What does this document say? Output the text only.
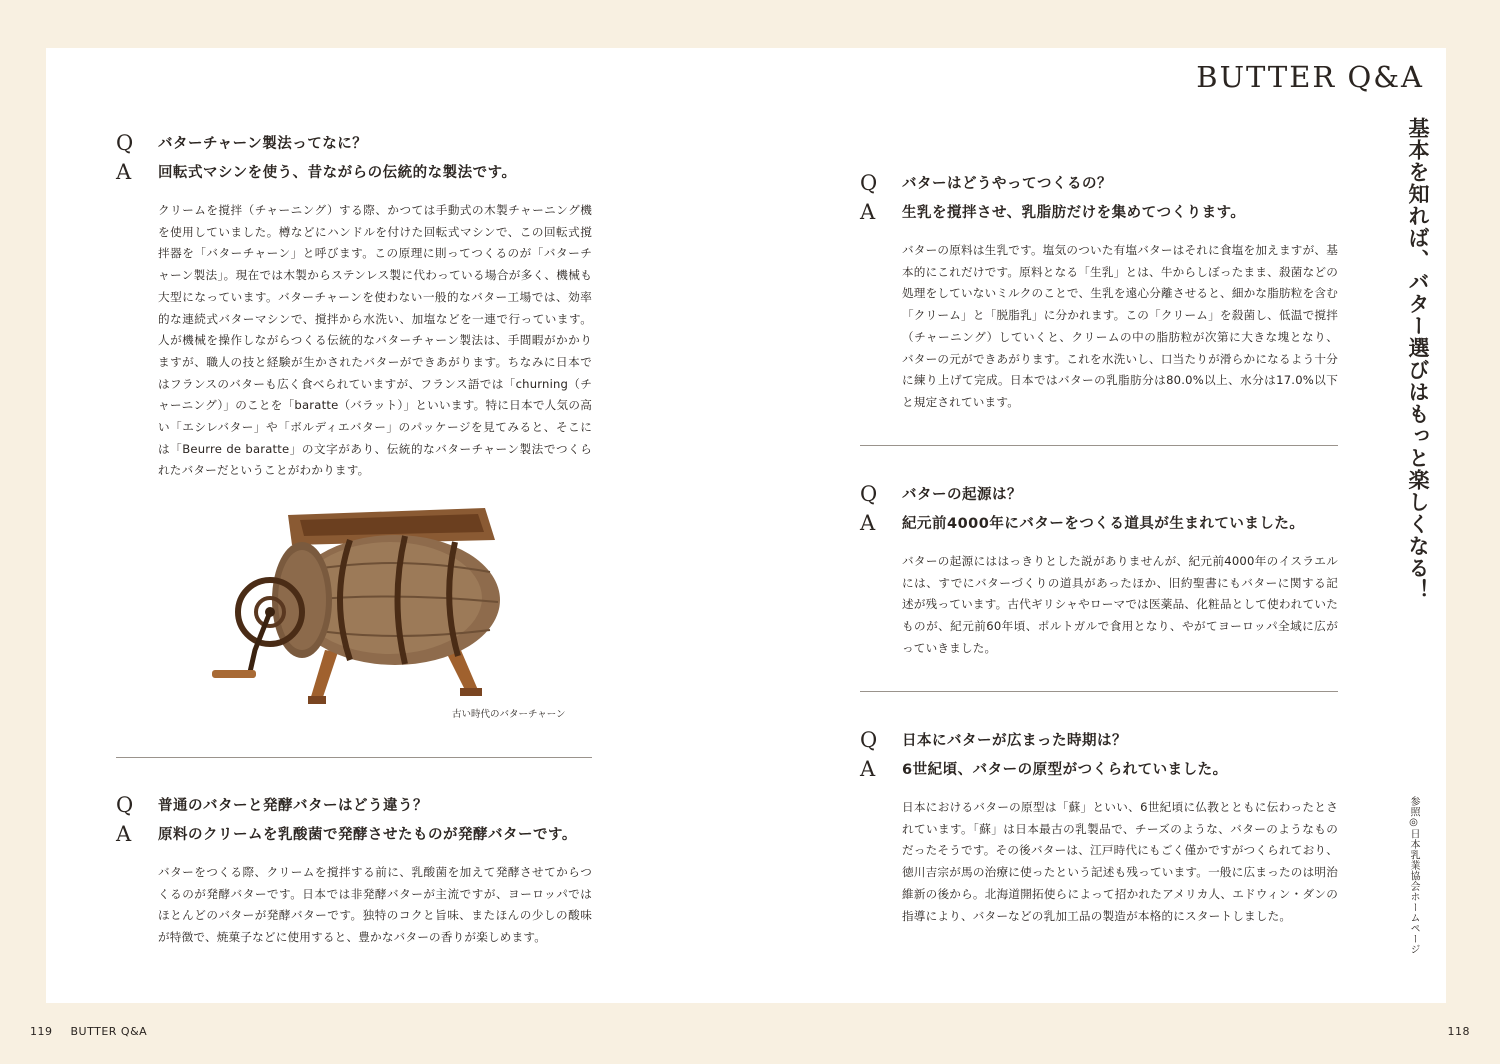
BUTTER Q&A
Q	バターチャーン製法ってなに？
A	回転式マシンを使う、昔ながらの伝統的な製法です。
クリームを撹拌（チャーニング）する際、かつては手動式の木製チャーニング機を使用していました。樽などにハンドルを付けた回転式マシンで、この回転式撹拌器を「バターチャーン」と呼びます。この原理に則ってつくるのが「バターチャーン製法」。現在では木製からステンレス製に代わっている場合が多く、機械も大型になっています。バターチャーンを使わない一般的なバター工場では、効率的な連続式バターマシンで、撹拌から水洗い、加塩などを一連で行っています。人が機械を操作しながらつくる伝統的なバターチャーン製法は、手間暇がかかりますが、職人の技と経験が生かされたバターができあがります。ちなみに日本ではフランスのバターも広く食べられていますが、フランス語では「churning（チャーニング）」のことを「baratte（バラット）」といいます。特に日本で人気の高い「エシレバター」や「ボルディエバター」のパッケージを見てみると、そこには「Beurre de baratte」の文字があり、伝統的なバターチャーン製法でつくられたバターだということがわかります。
古い時代のバターチャーン
Q	普通のバターと発酵バターはどう違う？
A	原料のクリームを乳酸菌で発酵させたものが発酵バターです。
バターをつくる際、クリームを撹拌する前に、乳酸菌を加えて発酵させてからつくるのが発酵バターです。日本では非発酵バターが主流ですが、ヨーロッパではほとんどのバターが発酵バターです。独特のコクと旨味、またほんの少しの酸味が特徴で、焼菓子などに使用すると、豊かなバターの香りが楽しめます。
Q	バターはどうやってつくるの？
A	生乳を撹拌させ、乳脂肪だけを集めてつくります。
バターの原料は生乳です。塩気のついた有塩バターはそれに食塩を加えますが、基本的にこれだけです。原料となる「生乳」とは、牛からしぼったまま、殺菌などの処理をしていないミルクのことで、生乳を遠心分離させると、細かな脂肪粒を含む「クリーム」と「脱脂乳」に分かれます。この「クリーム」を殺菌し、低温で撹拌（チャーニング）していくと、クリームの中の脂肪粒が次第に大きな塊となり、バターの元ができあがります。これを水洗いし、口当たりが滑らかになるよう十分に練り上げて完成。日本ではバターの乳脂肪分は80.0%以上、水分は17.0%以下と規定されています。
Q	バターの起源は？
A	紀元前4000年にバターをつくる道具が生まれていました。
バターの起源にははっきりとした説がありませんが、紀元前4000年のイスラエルには、すでにバターづくりの道具があったほか、旧約聖書にもバターに関する記述が残っています。古代ギリシャやローマでは医薬品、化粧品として使われていたものが、紀元前60年頃、ポルトガルで食用となり、やがてヨーロッパ全域に広がっていきました。
Q	日本にバターが広まった時期は？
A	6世紀頃、バターの原型がつくられていました。
日本におけるバターの原型は「蘇」といい、6世紀頃に仏教とともに伝わったとされています。「蘇」は日本最古の乳製品で、チーズのような、バターのようなものだったそうです。その後バターは、江戸時代にもごく僅かですがつくられており、徳川吉宗が馬の治療に使ったという記述も残っています。一般に広まったのは明治維新の後から。北海道開拓使らによって招かれたアメリカ人、エドウィン・ダンの指導により、バターなどの乳加工品の製造が本格的にスタートしました。
基本を知れば、バター選びはもっと楽しくなる！
参照◎日本乳業協会ホームページ
119 BUTTER Q&A	118
